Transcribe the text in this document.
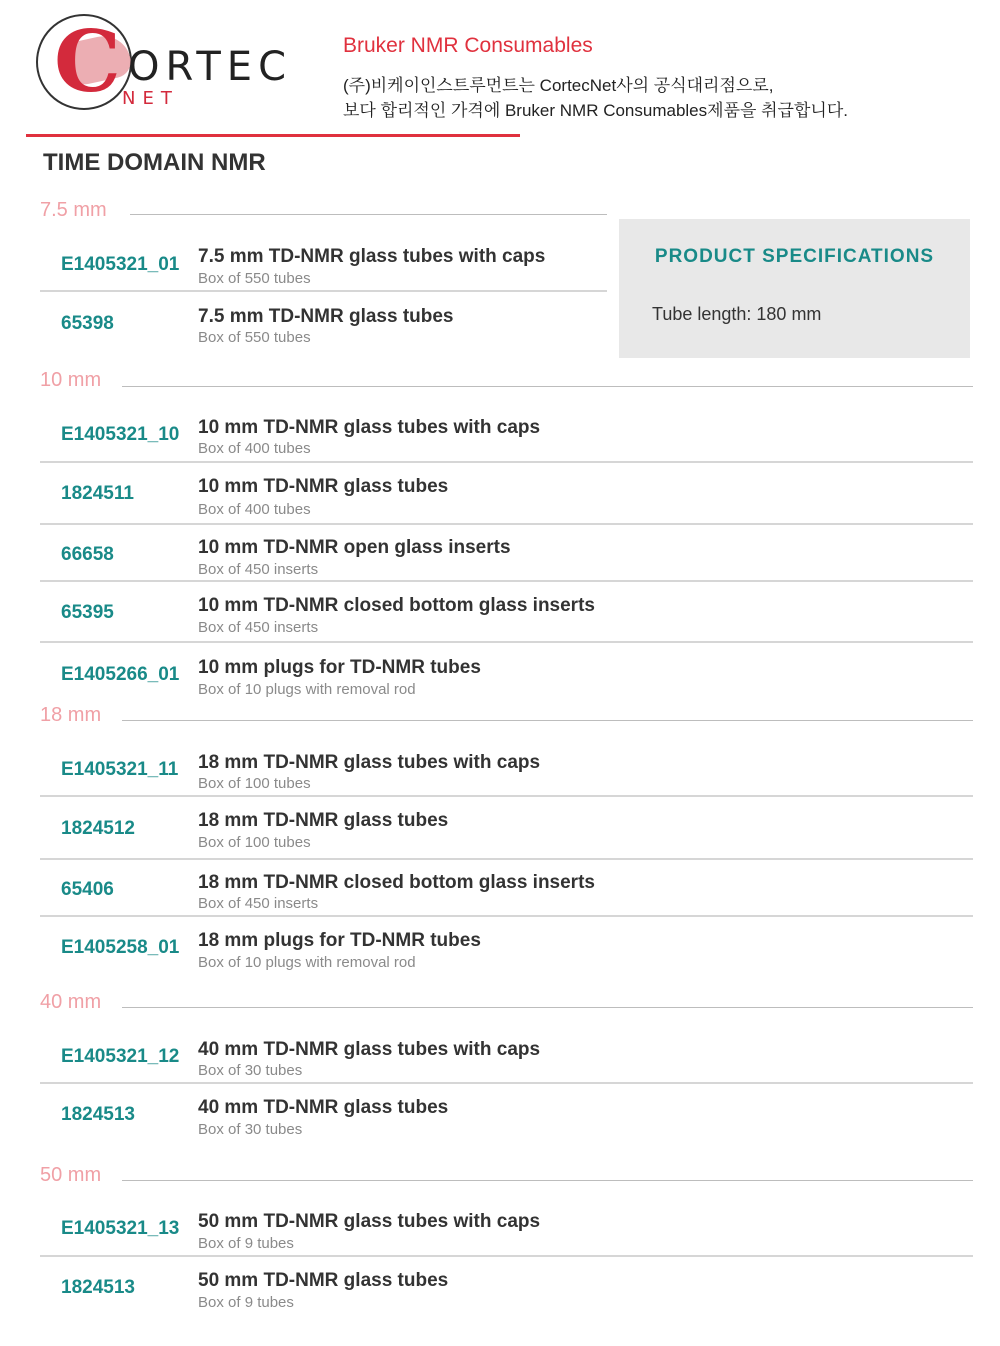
C ORTEC
NET
Bruker NMR Consumables
(주)비케이인스트루먼트는 CortecNet사의 공식대리점으로,
보다 합리적인 가격에 Bruker NMR Consumables제품을 취급합니다.
TIME DOMAIN NMR
PRODUCT SPECIFICATIONS
Tube length: 180 mm
7.5 mm
E1405321_01 7.5 mm TD-NMR glass tubes with caps
Box of 550 tubes
65398	7.5 mm TD-NMR glass tubes
Box of 550 tubes
10 mm
E1405321_10 10 mm TD-NMR glass tubes with caps
Box of 400 tubes
1824511	10 mm TD-NMR glass tubes
Box of 400 tubes
66658	10 mm TD-NMR open glass inserts
Box of 450 inserts
65395	10 mm TD-NMR closed bottom glass inserts
Box of 450 inserts
E1405266_01 10 mm plugs for TD-NMR tubes
Box of 10 plugs with removal rod
18 mm
E1405321_11 18 mm TD-NMR glass tubes with caps
Box of 100 tubes
1824512	18 mm TD-NMR glass tubes
Box of 100 tubes
65406	18 mm TD-NMR closed bottom glass inserts
Box of 450 inserts
E1405258_01 18 mm plugs for TD-NMR tubes
Box of 10 plugs with removal rod
40 mm
E1405321_12 40 mm TD-NMR glass tubes with caps
Box of 30 tubes
1824513	40 mm TD-NMR glass tubes
Box of 30 tubes
50 mm
E1405321_13 50 mm TD-NMR glass tubes with caps
Box of 9 tubes
1824513	50 mm TD-NMR glass tubes
Box of 9 tubes
